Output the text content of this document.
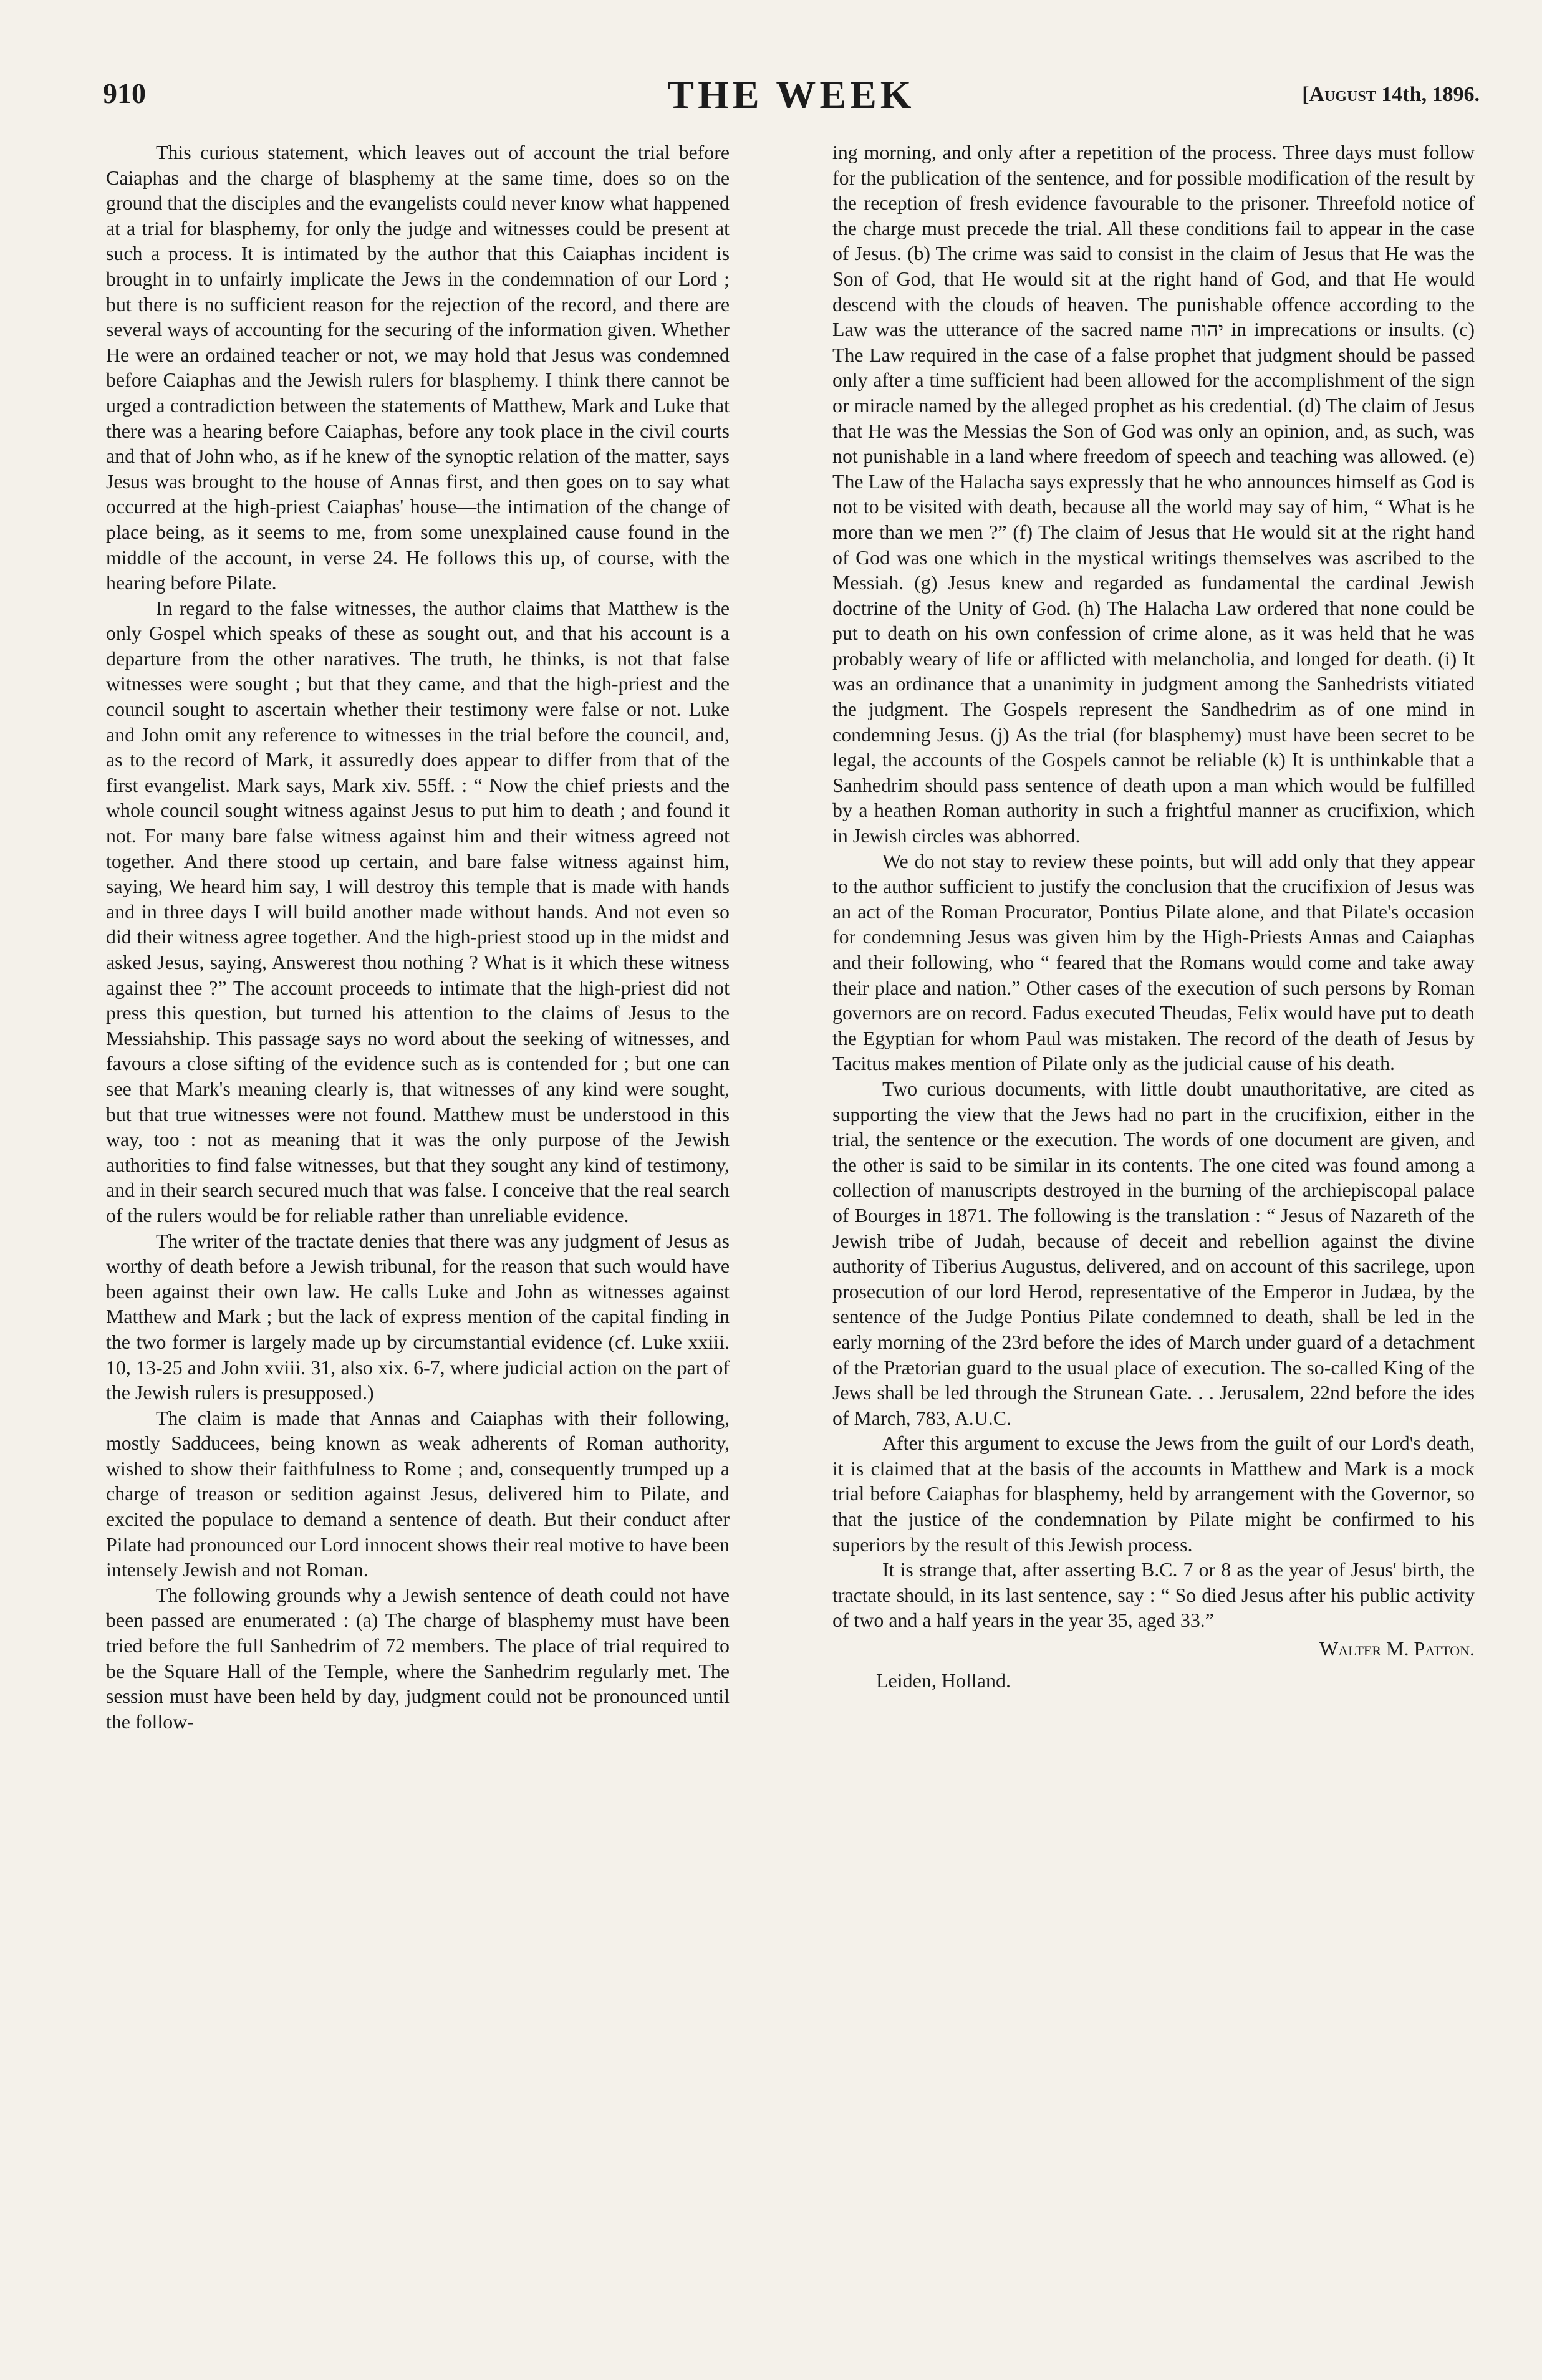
910	THE WEEK	[August 14th, 1896.

This curious statement, which leaves out of account the trial before Caiaphas and the charge of blasphemy at the same time, does so on the ground that the disciples and the evangelists could never know what happened at a trial for blasphemy, for only the judge and witnesses could be present at such a process. It is intimated by the author that this Caiaphas incident is brought in to unfairly implicate the Jews in the condemnation of our Lord ; but there is no sufficient reason for the rejection of the record, and there are several ways of accounting for the securing of the information given. Whether He were an ordained teacher or not, we may hold that Jesus was condemned before Caiaphas and the Jewish rulers for blasphemy. I think there cannot be urged a contradiction between the statements of Matthew, Mark and Luke that there was a hearing before Caiaphas, before any took place in the civil courts and that of John who, as if he knew of the synoptic relation of the matter, says Jesus was brought to the house of Annas first, and then goes on to say what occurred at the high-priest Caiaphas' house—the intimation of the change of place being, as it seems to me, from some unexplained cause found in the middle of the account, in verse 24. He follows this up, of course, with the hearing before Pilate.

In regard to the false witnesses, the author claims that Matthew is the only Gospel which speaks of these as sought out, and that his account is a departure from the other naratives. The truth, he thinks, is not that false witnesses were sought ; but that they came, and that the high-priest and the council sought to ascertain whether their testimony were false or not. Luke and John omit any reference to witnesses in the trial before the council, and, as to the record of Mark, it assuredly does appear to differ from that of the first evangelist. Mark says, Mark xiv. 55ff. : “ Now the chief priests and the whole council sought witness against Jesus to put him to death ; and found it not. For many bare false witness against him and their witness agreed not together. And there stood up certain, and bare false witness against him, saying, We heard him say, I will destroy this temple that is made with hands and in three days I will build another made without hands. And not even so did their witness agree together. And the high-priest stood up in the midst and asked Jesus, saying, Answerest thou nothing ? What is it which these witness against thee ?” The account proceeds to intimate that the high-priest did not press this question, but turned his attention to the claims of Jesus to the Messiahship. This passage says no word about the seeking of witnesses, and favours a close sifting of the evidence such as is contended for ; but one can see that Mark's meaning clearly is, that witnesses of any kind were sought, but that true witnesses were not found. Matthew must be understood in this way, too : not as meaning that it was the only purpose of the Jewish authorities to find false witnesses, but that they sought any kind of testimony, and in their search secured much that was false. I conceive that the real search of the rulers would be for reliable rather than unreliable evidence.

The writer of the tractate denies that there was any judgment of Jesus as worthy of death before a Jewish tribunal, for the reason that such would have been against their own law. He calls Luke and John as witnesses against Matthew and Mark ; but the lack of express mention of the capital finding in the two former is largely made up by circumstantial evidence (cf. Luke xxiii. 10, 13-25 and John xviii. 31, also xix. 6-7, where judicial action on the part of the Jewish rulers is presupposed.)

The claim is made that Annas and Caiaphas with their following, mostly Sadducees, being known as weak adherents of Roman authority, wished to show their faithfulness to Rome ; and, consequently trumped up a charge of treason or sedition against Jesus, delivered him to Pilate, and excited the populace to demand a sentence of death. But their conduct after Pilate had pronounced our Lord innocent shows their real motive to have been intensely Jewish and not Roman.

The following grounds why a Jewish sentence of death could not have been passed are enumerated : (a) The charge of blasphemy must have been tried before the full Sanhedrim of 72 members. The place of trial required to be the Square Hall of the Temple, where the Sanhedrim regularly met. The session must have been held by day, judgment could not be pronounced until the follow-

ing morning, and only after a repetition of the process. Three days must follow for the publication of the sentence, and for possible modification of the result by the reception of fresh evidence favourable to the prisoner. Threefold notice of the charge must precede the trial. All these conditions fail to appear in the case of Jesus. (b) The crime was said to consist in the claim of Jesus that He was the Son of God, that He would sit at the right hand of God, and that He would descend with the clouds of heaven. The punishable offence according to the Law was the utterance of the sacred name יהוה in imprecations or insults. (c) The Law required in the case of a false prophet that judgment should be passed only after a time sufficient had been allowed for the accomplishment of the sign or miracle named by the alleged prophet as his credential. (d) The claim of Jesus that He was the Messias the Son of God was only an opinion, and, as such, was not punishable in a land where freedom of speech and teaching was allowed. (e) The Law of the Halacha says expressly that he who announces himself as God is not to be visited with death, because all the world may say of him, “ What is he more than we men ?” (f) The claim of Jesus that He would sit at the right hand of God was one which in the mystical writings themselves was ascribed to the Messiah. (g) Jesus knew and regarded as fundamental the cardinal Jewish doctrine of the Unity of God. (h) The Halacha Law ordered that none could be put to death on his own confession of crime alone, as it was held that he was probably weary of life or afflicted with melancholia, and longed for death. (i) It was an ordinance that a unanimity in judgment among the Sanhedrists vitiated the judgment. The Gospels represent the Sandhedrim as of one mind in condemning Jesus. (j) As the trial (for blasphemy) must have been secret to be legal, the accounts of the Gospels cannot be reliable (k) It is unthinkable that a Sanhedrim should pass sentence of death upon a man which would be fulfilled by a heathen Roman authority in such a frightful manner as crucifixion, which in Jewish circles was abhorred.

We do not stay to review these points, but will add only that they appear to the author sufficient to justify the conclusion that the crucifixion of Jesus was an act of the Roman Procurator, Pontius Pilate alone, and that Pilate's occasion for condemning Jesus was given him by the High-Priests Annas and Caiaphas and their following, who “ feared that the Romans would come and take away their place and nation.” Other cases of the execution of such persons by Roman governors are on record. Fadus executed Theudas, Felix would have put to death the Egyptian for whom Paul was mistaken. The record of the death of Jesus by Tacitus makes mention of Pilate only as the judicial cause of his death.

Two curious documents, with little doubt unauthoritative, are cited as supporting the view that the Jews had no part in the crucifixion, either in the trial, the sentence or the execution. The words of one document are given, and the other is said to be similar in its contents. The one cited was found among a collection of manuscripts destroyed in the burning of the archiepiscopal palace of Bourges in 1871. The following is the translation : “ Jesus of Nazareth of the Jewish tribe of Judah, because of deceit and rebellion against the divine authority of Tiberius Augustus, delivered, and on account of this sacrilege, upon prosecution of our lord Herod, representative of the Emperor in Judæa, by the sentence of the Judge Pontius Pilate condemned to death, shall be led in the early morning of the 23rd before the ides of March under guard of a detachment of the Prætorian guard to the usual place of execution. The so-called King of the Jews shall be led through the Strunean Gate. . . Jerusalem, 22nd before the ides of March, 783, A.U.C.

After this argument to excuse the Jews from the guilt of our Lord's death, it is claimed that at the basis of the accounts in Matthew and Mark is a mock trial before Caiaphas for blasphemy, held by arrangement with the Governor, so that the justice of the condemnation by Pilate might be confirmed to his superiors by the result of this Jewish process.

It is strange that, after asserting B.C. 7 or 8 as the year of Jesus' birth, the tractate should, in its last sentence, say : “ So died Jesus after his public activity of two and a half years in the year 35, aged 33.”

Walter M. Patton.
Leiden, Holland.
